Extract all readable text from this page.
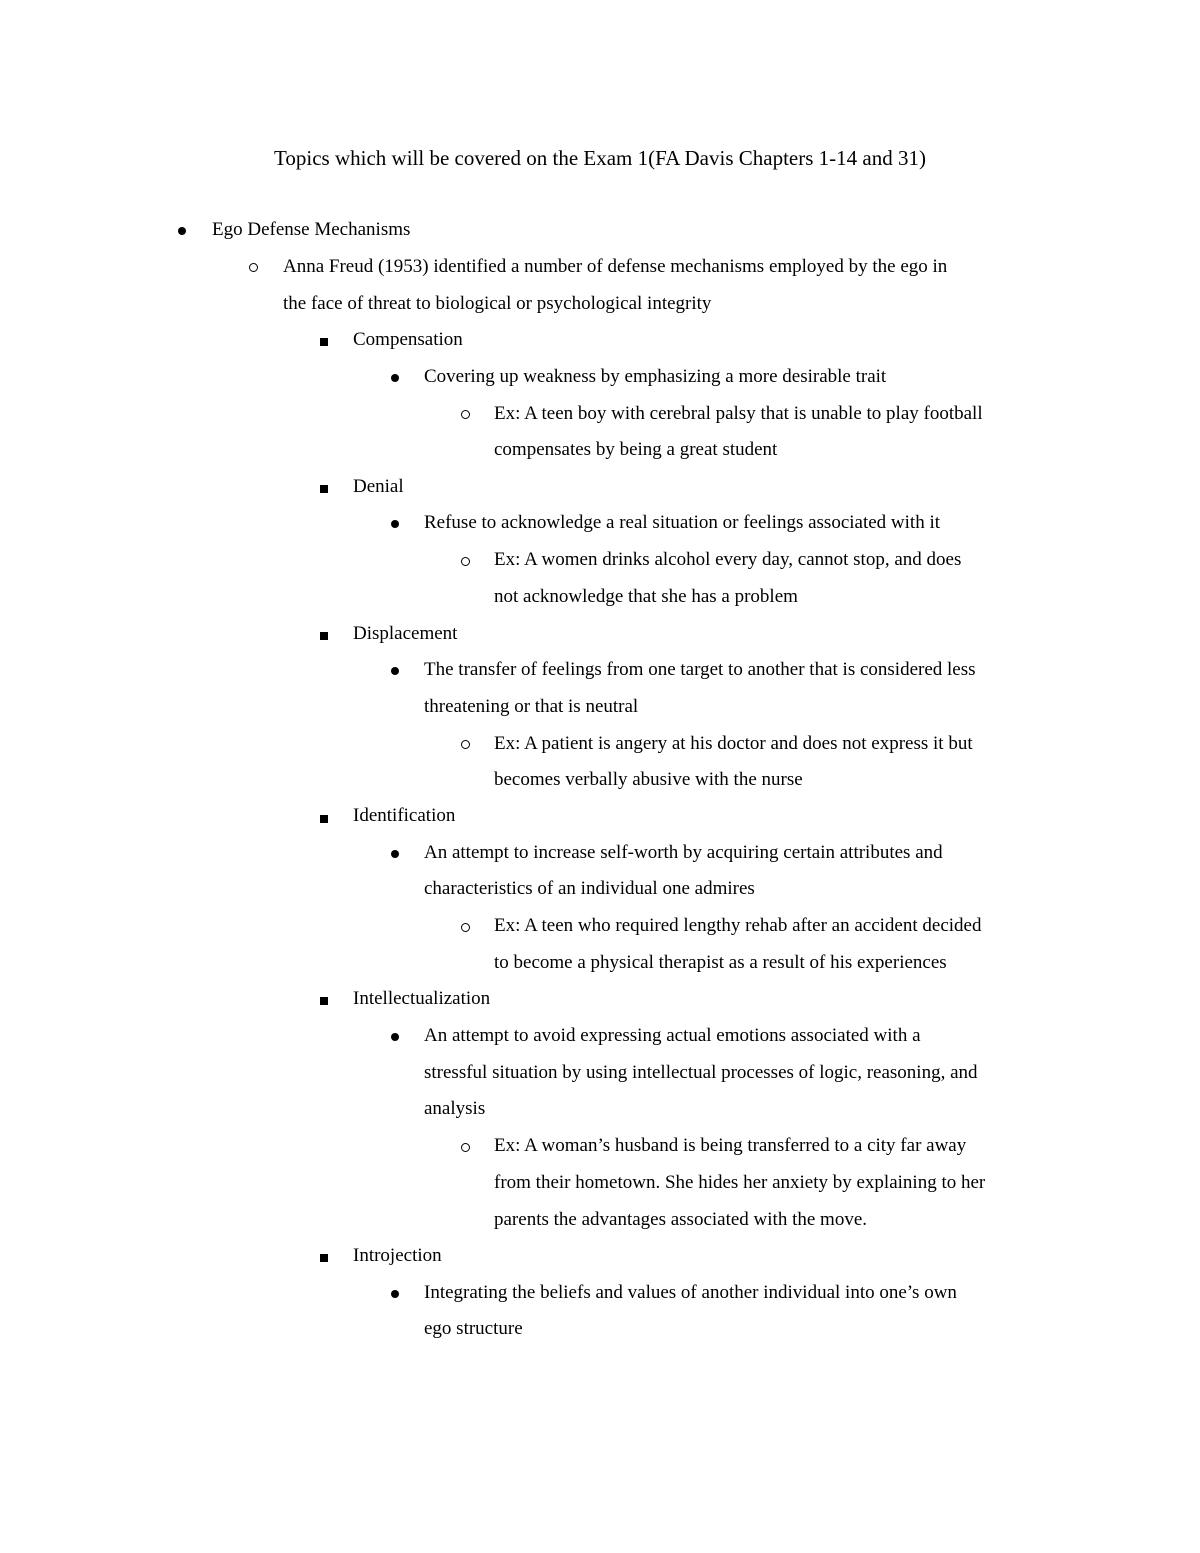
Topics which will be covered on the Exam 1(FA Davis Chapters 1-14 and 31)
Ego Defense Mechanisms
Anna Freud (1953) identified a number of defense mechanisms employed by the ego in
the face of threat to biological or psychological integrity
Compensation
Covering up weakness by emphasizing a more desirable trait
Ex: A teen boy with cerebral palsy that is unable to play football
compensates by being a great student
Denial
Refuse to acknowledge a real situation or feelings associated with it
Ex: A women drinks alcohol every day, cannot stop, and does
not acknowledge that she has a problem
Displacement
The transfer of feelings from one target to another that is considered less
threatening or that is neutral
Ex: A patient is angery at his doctor and does not express it but
becomes verbally abusive with the nurse
Identification
An attempt to increase self-worth by acquiring certain attributes and
characteristics of an individual one admires
Ex: A teen who required lengthy rehab after an accident decided
to become a physical therapist as a result of his experiences
Intellectualization
An attempt to avoid expressing actual emotions associated with a
stressful situation by using intellectual processes of logic, reasoning, and
analysis
Ex: A woman’s husband is being transferred to a city far away
from their hometown. She hides her anxiety by explaining to her
parents the advantages associated with the move.
Introjection
Integrating the beliefs and values of another individual into one’s own
ego structure
